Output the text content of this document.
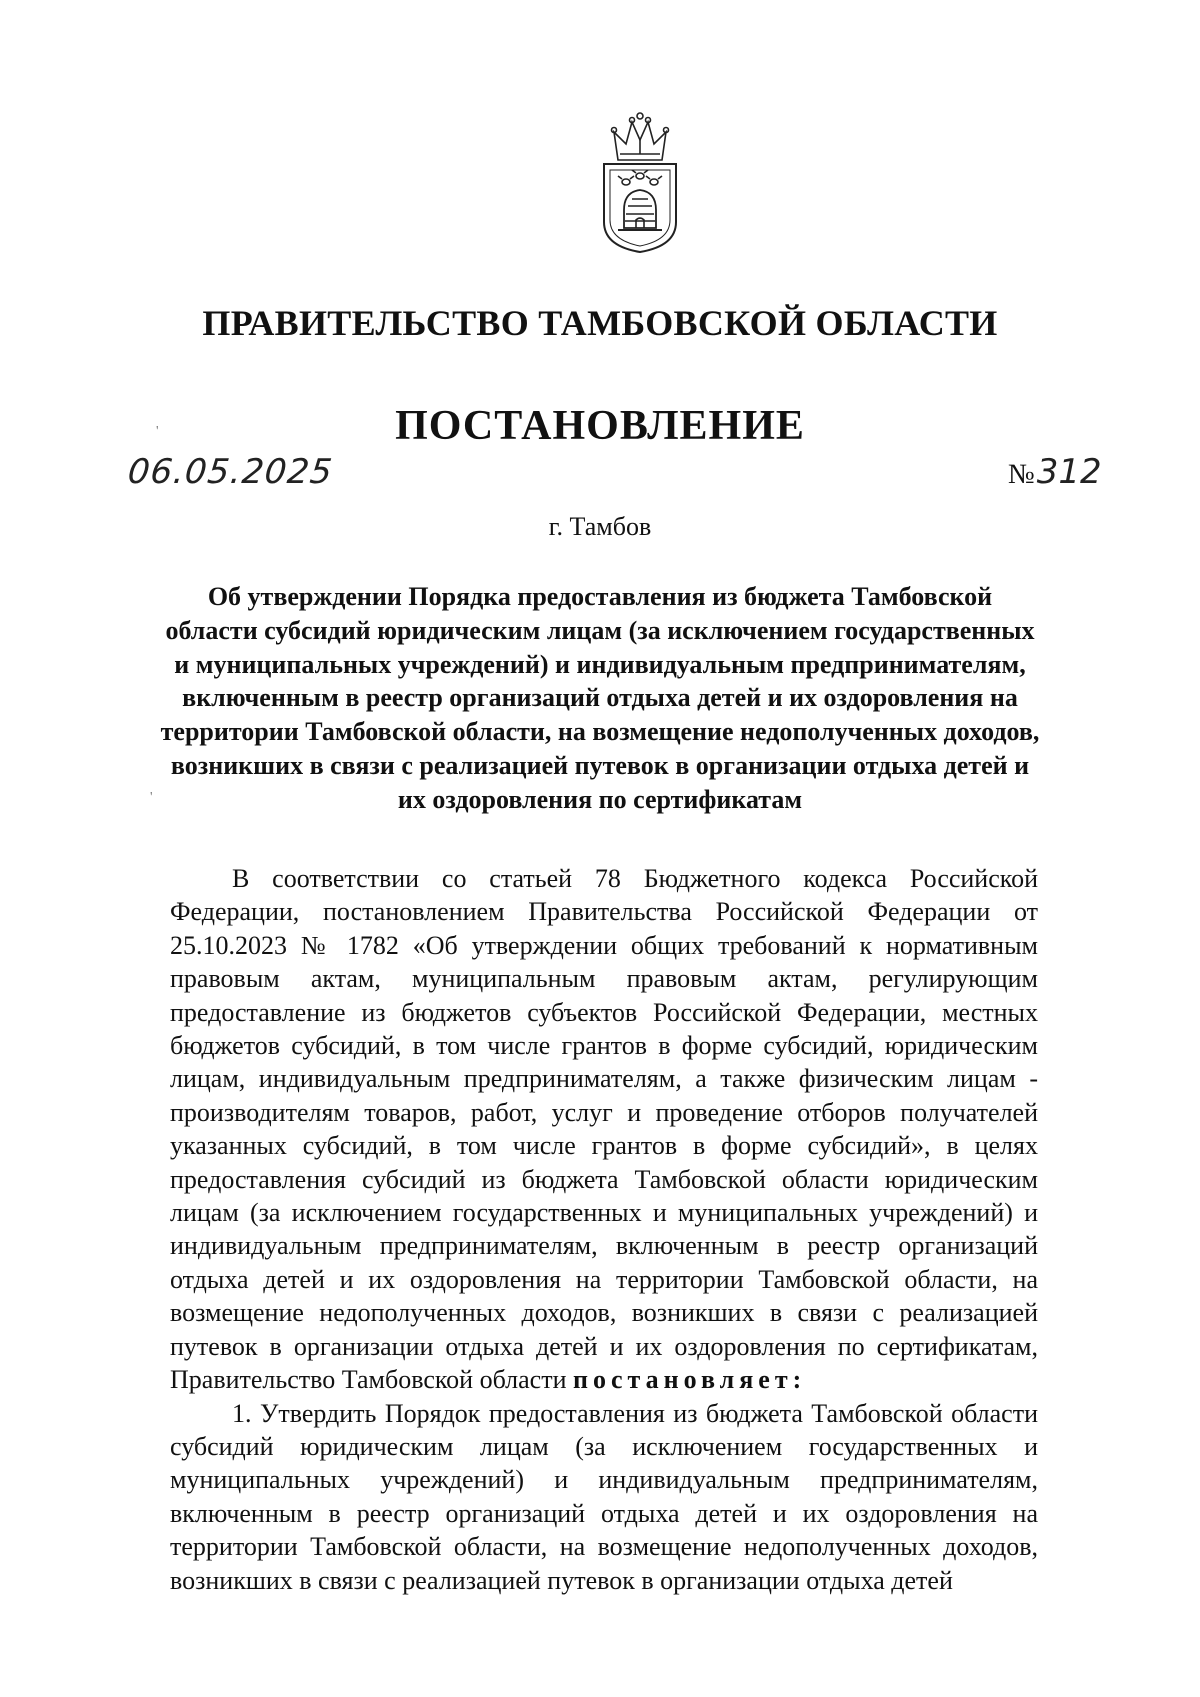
ПРАВИТЕЛЬСТВО ТАМБОВСКОЙ ОБЛАСТИ
ПОСТАНОВЛЕНИЕ
06.05.2025	№312
г. Тамбов
Об утверждении Порядка предоставления из бюджета Тамбовской области субсидий юридическим лицам (за исключением государственных и муниципальных учреждений) и индивидуальным предпринимателям, включенным в реестр организаций отдыха детей и их оздоровления на территории Тамбовской области, на возмещение недополученных доходов, возникших в связи с реализацией путевок в организации отдыха детей и их оздоровления по сертификатам

В соответствии со статьей 78 Бюджетного кодекса Российской Федерации, постановлением Правительства Российской Федерации от 25.10.2023 № 1782 «Об утверждении общих требований к нормативным правовым актам, муниципальным правовым актам, регулирующим предоставление из бюджетов субъектов Российской Федерации, местных бюджетов субсидий, в том числе грантов в форме субсидий, юридическим лицам, индивидуальным предпринимателям, а также физическим лицам - производителям товаров, работ, услуг и проведение отборов получателей указанных субсидий, в том числе грантов в форме субсидий», в целях предоставления субсидий из бюджета Тамбовской области юридическим лицам (за исключением государственных и муниципальных учреждений) и индивидуальным предпринимателям, включенным в реестр организаций отдыха детей и их оздоровления на территории Тамбовской области, на возмещение недополученных доходов, возникших в связи с реализацией путевок в организации отдыха детей и их оздоровления по сертификатам, Правительство Тамбовской области постановляет:

1. Утвердить Порядок предоставления из бюджета Тамбовской области субсидий юридическим лицам (за исключением государственных и муниципальных учреждений) и индивидуальным предпринимателям, включенным в реестр организаций отдыха детей и их оздоровления на территории Тамбовской области, на возмещение недополученных доходов, возникших в связи с реализацией путевок в организации отдыха детей

'
'
